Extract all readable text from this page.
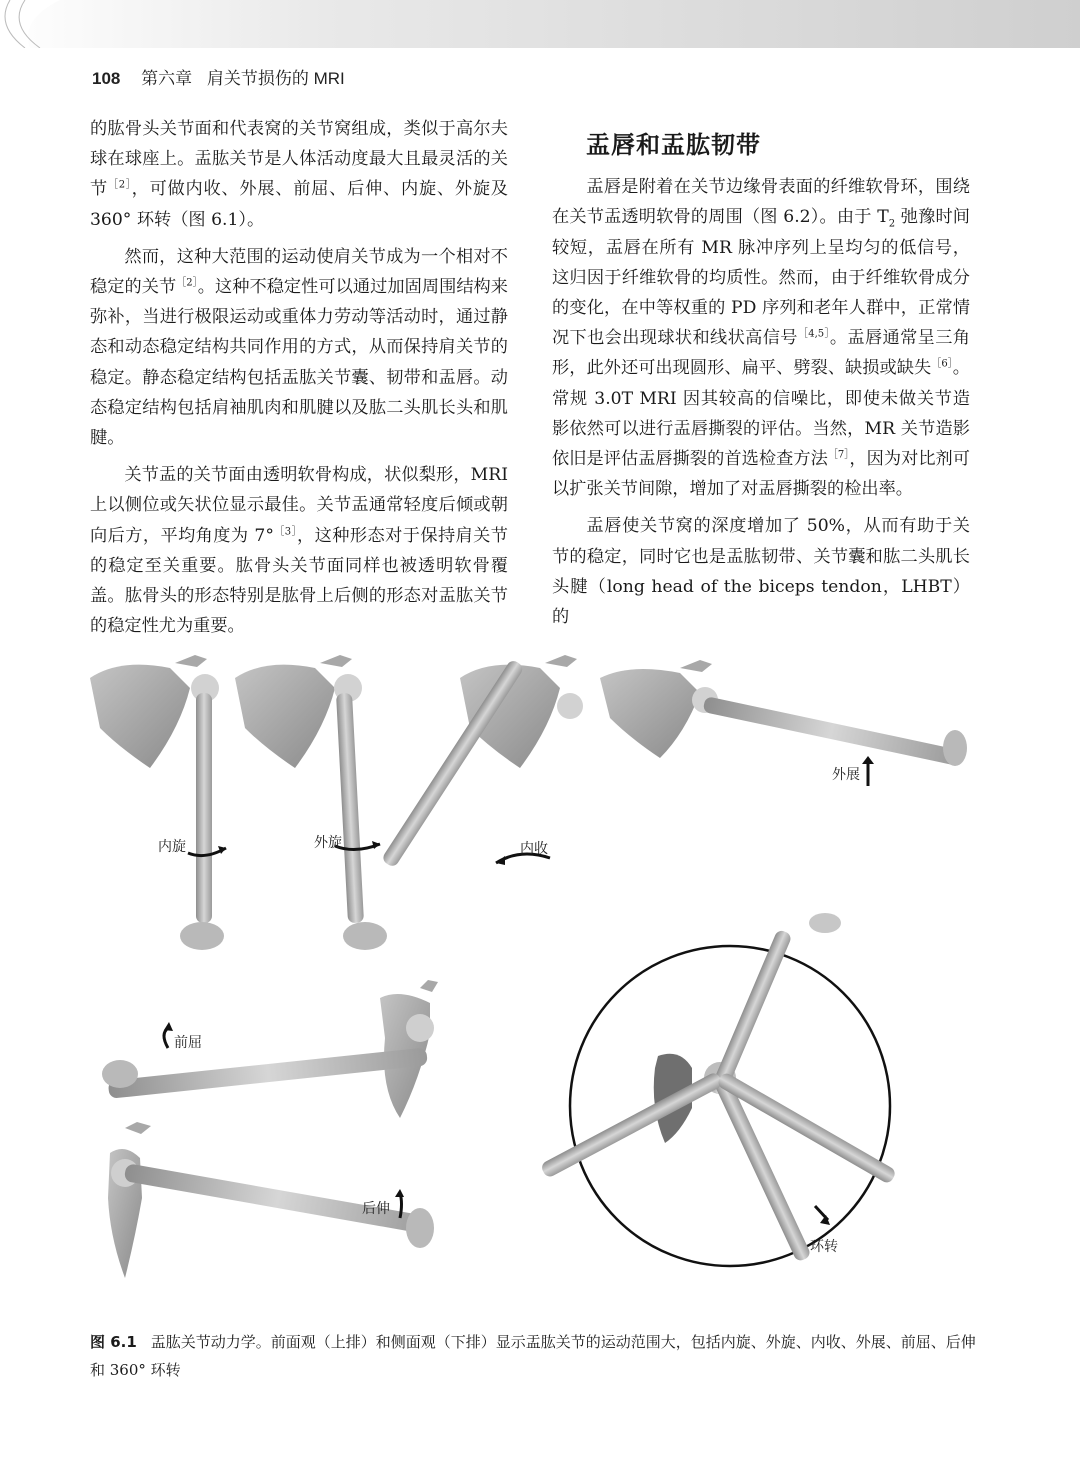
108 第六章 肩关节损伤的 MRI

的肱骨头关节面和代表窝的关节窝组成，类似于高尔夫球在球座上。盂肱关节是人体活动度最大且最灵活的关节$^{[2]}$，可做内收、外展、前屈、后伸、内旋、外旋及 360° 环转（图 6.1）。

然而，这种大范围的运动使肩关节成为一个相对不稳定的关节$^{[2]}$。这种不稳定性可以通过加固周围结构来弥补，当进行极限运动或重体力劳动等活动时，通过静态和动态稳定结构共同作用的方式，从而保持肩关节的稳定。静态稳定结构包括盂肱关节囊、韧带和盂唇。动态稳定结构包括肩袖肌肉和肌腱以及肱二头肌长头和肌腱。

关节盂的关节面由透明软骨构成，状似梨形，MRI 上以侧位或矢状位显示最佳。关节盂通常轻度后倾或朝向后方，平均角度为 7°$^{[3]}$，这种形态对于保持肩关节的稳定至关重要。肱骨头关节面同样也被透明软骨覆盖。肱骨头的形态特别是肱骨上后侧的形态对盂肱关节的稳定性尤为重要。

盂唇和盂肱韧带

盂唇是附着在关节边缘骨表面的纤维软骨环，围绕在关节盂透明软骨的周围（图 6.2）。由于 $T_2$ 弛豫时间较短，盂唇在所有 MR 脉冲序列上呈均匀的低信号，这归因于纤维软骨的均质性。然而，由于纤维软骨成分的变化，在中等权重的 PD 序列和老年人群中，正常情况下也会出现球状和线状高信号$^{[4,5]}$。盂唇通常呈三角形，此外还可出现圆形、扁平、劈裂、缺损或缺失$^{[6]}$。常规 3.0T MRI 因其较高的信噪比，即使未做关节造影依然可以进行盂唇撕裂的评估。当然，MR 关节造影依旧是评估盂唇撕裂的首选检查方法$^{[7]}$，因为对比剂可以扩张关节间隙，增加了对盂唇撕裂的检出率。

盂唇使关节窝的深度增加了 50%，从而有助于关节的稳定，同时它也是盂肱韧带、关节囊和肱二头肌长头腱（long head of the biceps tendon，LHBT）的

内旋	外旋	内收
外展
前屈
后伸
环转
图 6.1 盂肱关节动力学。前面观（上排）和侧面观（下排）显示盂肱关节的运动范围大，包括内旋、外旋、内收、外展、前屈、后伸和 360° 环转
